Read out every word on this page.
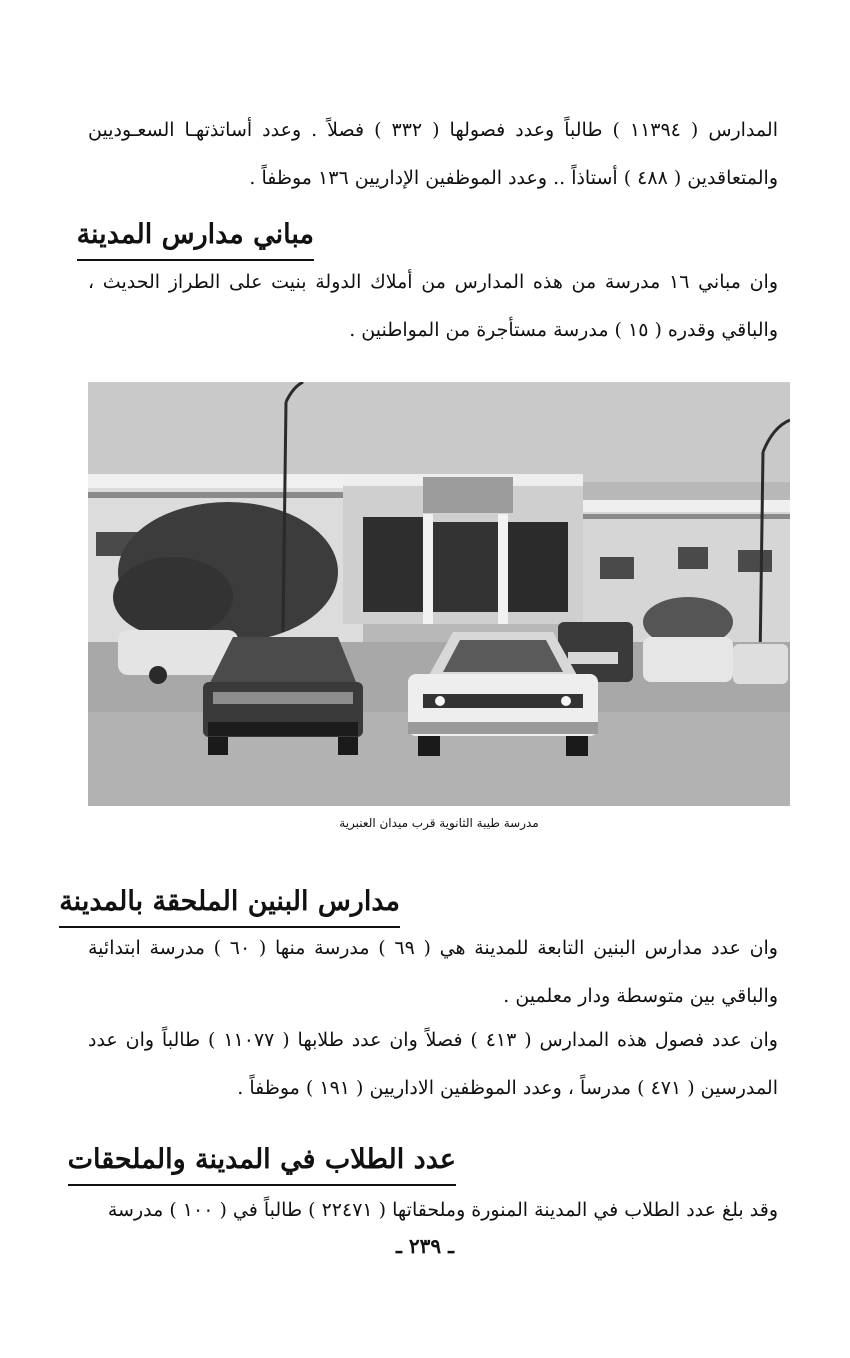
المدارس ( ١١٣٩٤ ) طالباً وعدد فصولها ( ٣٣٢ ) فصلاً . وعدد أساتذتهـا السعـوديين والمتعاقدين ( ٤٨٨ ) أستاذاً .. وعدد الموظفين الإداريين ١٣٦ موظفاً .

مباني مدارس المدينة

وان مباني ١٦ مدرسة من هذه المدارس من أملاك الدولة بنيت على الطراز الحديث ، والباقي وقدره ( ١٥ ) مدرسة مستأجرة من المواطنين .

مدرسة طيبة الثانوية قرب ميدان العنبرية

مدارس البنين الملحقة بالمدينة

وان عدد مدارس البنين التابعة للمدينة هي ( ٦٩ ) مدرسة منها ( ٦٠ ) مدرسة ابتدائية والباقي بين متوسطة ودار معلمين .

وان عدد فصول هذه المدارس ( ٤١٣ ) فصلاً وان عدد طلابها ( ١١٠٧٧ ) طالباً وان عدد المدرسين ( ٤٧١ ) مدرساً ، وعدد الموظفين الاداريين ( ١٩١ ) موظفاً .

عدد الطلاب في المدينة والملحقات

وقد بلغ عدد الطلاب في المدينة المنورة وملحقاتها ( ٢٢٤٧١ ) طالباً في ( ١٠٠ ) مدرسة

ـ ٢٣٩ ـ
